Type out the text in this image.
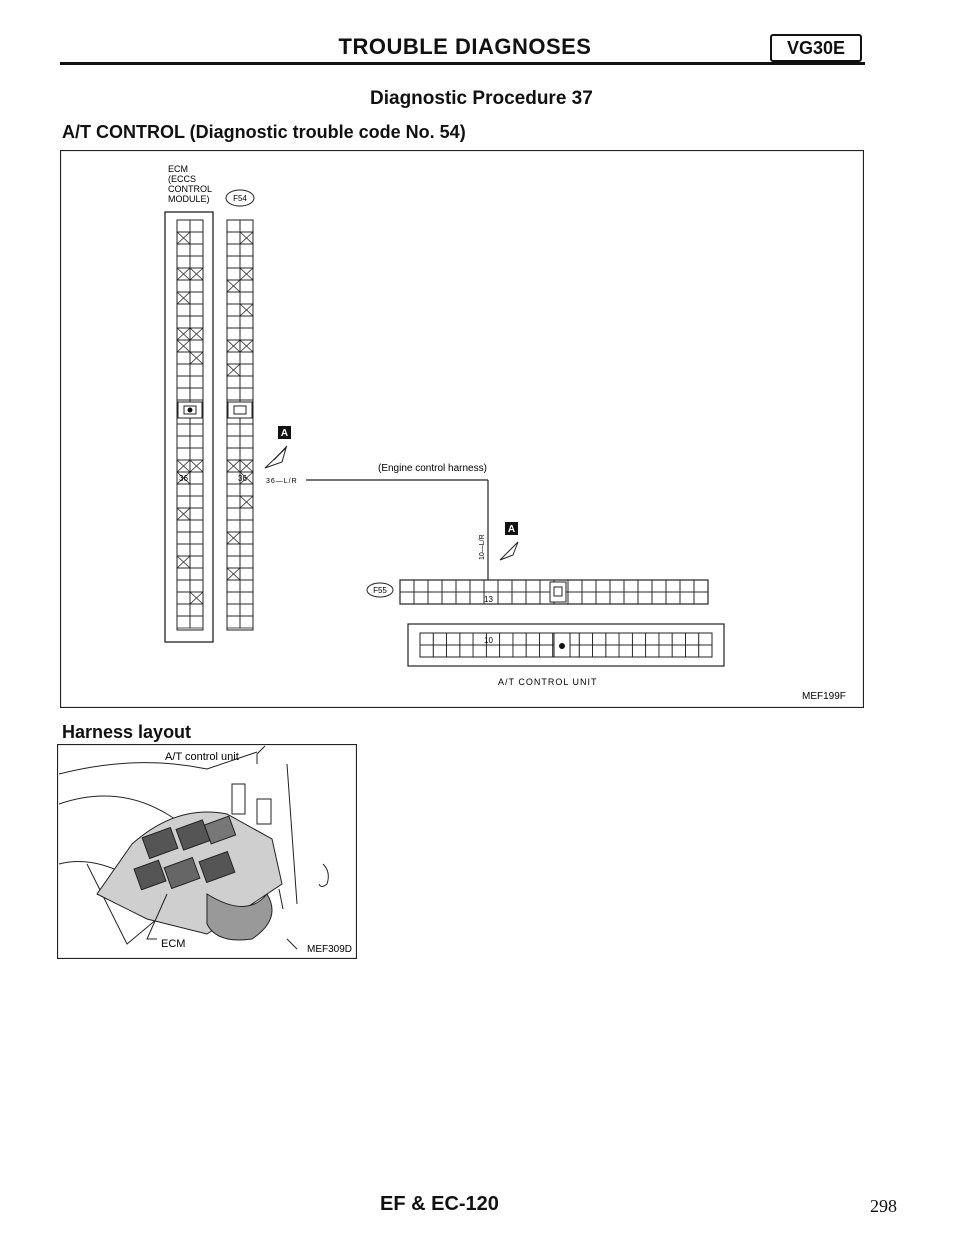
TROUBLE DIAGNOSES	VG30E
Diagnostic Procedure 37
A/T CONTROL (Diagnostic trouble code No. 54)
ECM
(ECCS
CONTROL
MODULE)	F54
36	36
A
36—L/R
(Engine control harness)
10—L/R
A
F55
13
10
A/T CONTROL UNIT
MEF199F
Harness layout
A/T control unit
ECM	MEF309D
EF & EC-120	298
